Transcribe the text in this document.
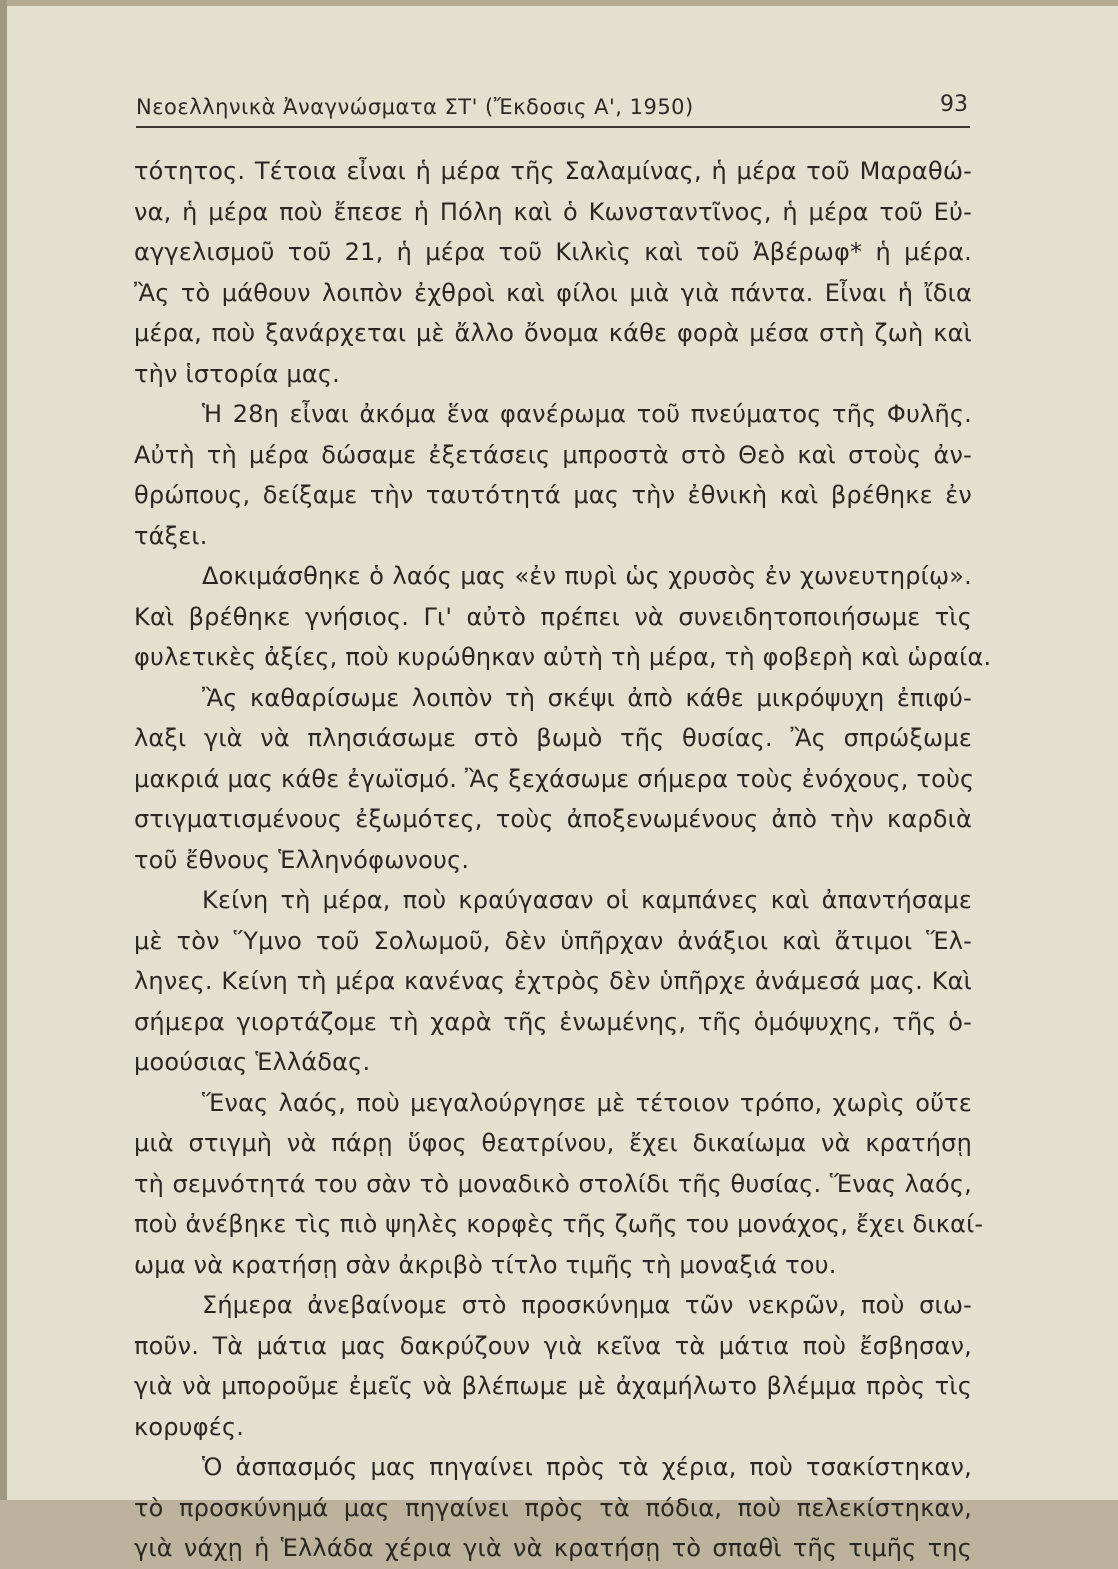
Νεοελληνικὰ Ἀναγνώσματα ΣΤ' (Ἔκδοσις Α', 1950)	93
τότητος. Τέτοια εἶναι ἡ μέρα τῆς Σαλαμίνας, ἡ μέρα τοῦ Μαραθώ-
να, ἡ μέρα ποὺ ἔπεσε ἡ Πόλη καὶ ὁ Κωνσταντῖνος, ἡ μέρα τοῦ Εὐ-
αγγελισμοῦ τοῦ 21, ἡ μέρα τοῦ Κιλκὶς καὶ τοῦ Ἀβέρωφ* ἡ μέρα.
Ἂς τὸ μάθουν λοιπὸν ἐχθροὶ καὶ φίλοι μιὰ γιὰ πάντα. Εἶναι ἡ ἴδια
μέρα, ποὺ ξανάρχεται μὲ ἄλλο ὄνομα κάθε φορὰ μέσα στὴ ζωὴ καὶ
τὴν ἱστορία μας.
Ἡ 28η εἶναι ἀκόμα ἕνα φανέρωμα τοῦ πνεύματος τῆς Φυλῆς.
Αὐτὴ τὴ μέρα δώσαμε ἐξετάσεις μπροστὰ στὸ Θεὸ καὶ στοὺς ἀν-
θρώπους, δείξαμε τὴν ταυτότητά μας τὴν ἐθνικὴ καὶ βρέθηκε ἐν
τάξει.
Δοκιμάσθηκε ὁ λαός μας «ἐν πυρὶ ὡς χρυσὸς ἐν χωνευτηρίῳ».
Καὶ βρέθηκε γνήσιος. Γι' αὐτὸ πρέπει νὰ συνειδητοποιήσωμε τὶς
φυλετικὲς ἀξίες, ποὺ κυρώθηκαν αὐτὴ τὴ μέρα, τὴ φοβερὴ καὶ ὡραία.
Ἂς καθαρίσωμε λοιπὸν τὴ σκέψι ἀπὸ κάθε μικρόψυχη ἐπιφύ-
λαξι γιὰ νὰ πλησιάσωμε στὸ βωμὸ τῆς θυσίας. Ἂς σπρώξωμε
μακριά μας κάθε ἐγωϊσμό. Ἂς ξεχάσωμε σήμερα τοὺς ἐνόχους, τοὺς
στιγματισμένους ἐξωμότες, τοὺς ἀποξενωμένους ἀπὸ τὴν καρδιὰ
τοῦ ἔθνους Ἑλληνόφωνους.
Κείνη τὴ μέρα, ποὺ κραύγασαν οἱ καμπάνες καὶ ἀπαντήσαμε
μὲ τὸν Ὕμνο τοῦ Σολωμοῦ, δὲν ὑπῆρχαν ἀνάξιοι καὶ ἄτιμοι Ἕλ-
ληνες. Κείνη τὴ μέρα κανένας ἐχτρὸς δὲν ὑπῆρχε ἀνάμεσά μας. Καὶ
σήμερα γιορτάζομε τὴ χαρὰ τῆς ἑνωμένης, τῆς ὁμόψυχης, τῆς ὁ-
μοούσιας Ἑλλάδας.
Ἕνας λαός, ποὺ μεγαλούργησε μὲ τέτοιον τρόπο, χωρὶς οὔτε
μιὰ στιγμὴ νὰ πάρῃ ὕφος θεατρίνου, ἔχει δικαίωμα νὰ κρατήσῃ
τὴ σεμνότητά του σὰν τὸ μοναδικὸ στολίδι τῆς θυσίας. Ἕνας λαός,
ποὺ ἀνέβηκε τὶς πιὸ ψηλὲς κορφὲς τῆς ζωῆς του μονάχος, ἔχει δικαί-
ωμα νὰ κρατήσῃ σὰν ἀκριβὸ τίτλο τιμῆς τὴ μοναξιά του.
Σήμερα ἀνεβαίνομε στὸ προσκύνημα τῶν νεκρῶν, ποὺ σιω-
ποῦν. Τὰ μάτια μας δακρύζουν γιὰ κεῖνα τὰ μάτια ποὺ ἔσβησαν,
γιὰ νὰ μποροῦμε ἐμεῖς νὰ βλέπωμε μὲ ἀχαμήλωτο βλέμμα πρὸς τὶς
κορυφές.
Ὁ ἀσπασμός μας πηγαίνει πρὸς τὰ χέρια, ποὺ τσακίστηκαν,
τὸ προσκύνημά μας πηγαίνει πρὸς τὰ πόδια, ποὺ πελεκίστηκαν,
γιὰ νάχῃ ἡ Ἑλλάδα χέρια γιὰ νὰ κρατήσῃ τὸ σπαθὶ τῆς τιμῆς της
